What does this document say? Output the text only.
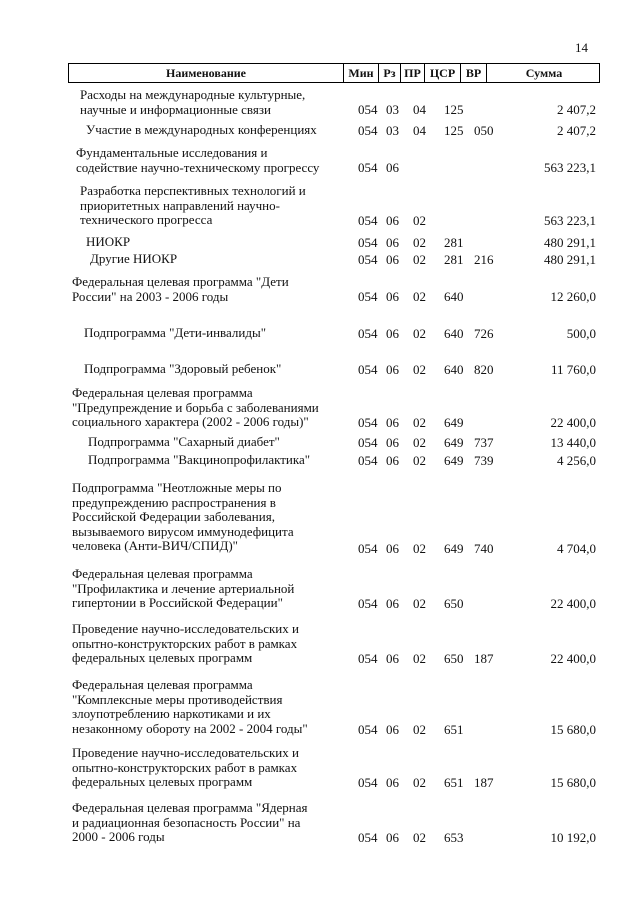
14
Наименование	Мин Рз ПР ЦСР ВР	Сумма
Расходы на международные культурные,
научные и информационные связи	054 03 04 125	2 407,2
Участие в международных конференциях	054 03 04 125 050	2 407,2
Фундаментальные исследования и
содействие научно-техническому прогрессу	054 06	563 223,1
Разработка перспективных технологий и
приоритетных направлений научно-
технического прогресса	054 06 02	563 223,1
НИОКР	054 06 02 281	480 291,1
Другие НИОКР	054 06 02 281 216	480 291,1
Федеральная целевая программа "Дети
России" на 2003 - 2006 годы	054 06 02 640	12 260,0
Подпрограмма "Дети-инвалиды"	054 06 02 640 726	500,0
Подпрограмма "Здоровый ребенок"	054 06 02 640 820	11 760,0
Федеральная целевая программа
"Предупреждение и борьба с заболеваниями
социального характера (2002 - 2006 годы)"	054 06 02 649	22 400,0
Подпрограмма "Сахарный диабет"	054 06 02 649 737	13 440,0
Подпрограмма "Вакцинопрофилактика"	054 06 02 649 739	4 256,0
Подпрограмма "Неотложные меры по
предупреждению распространения в
Российской Федерации заболевания,
вызываемого вирусом иммунодефицита
человека (Анти-ВИЧ/СПИД)"	054 06 02 649 740	4 704,0
Федеральная целевая программа
"Профилактика и лечение артериальной
гипертонии в Российской Федерации"	054 06 02 650	22 400,0
Проведение научно-исследовательских и
опытно-конструкторских работ в рамках
федеральных целевых программ	054 06 02 650 187	22 400,0
Федеральная целевая программа
"Комплексные меры противодействия
злоупотреблению наркотиками и их
незаконному обороту на 2002 - 2004 годы"	054 06 02 651	15 680,0
Проведение научно-исследовательских и
опытно-конструкторских работ в рамках
федеральных целевых программ	054 06 02 651 187	15 680,0
Федеральная целевая программа "Ядерная
и радиационная безопасность России" на
2000 - 2006 годы	054 06 02 653	10 192,0
